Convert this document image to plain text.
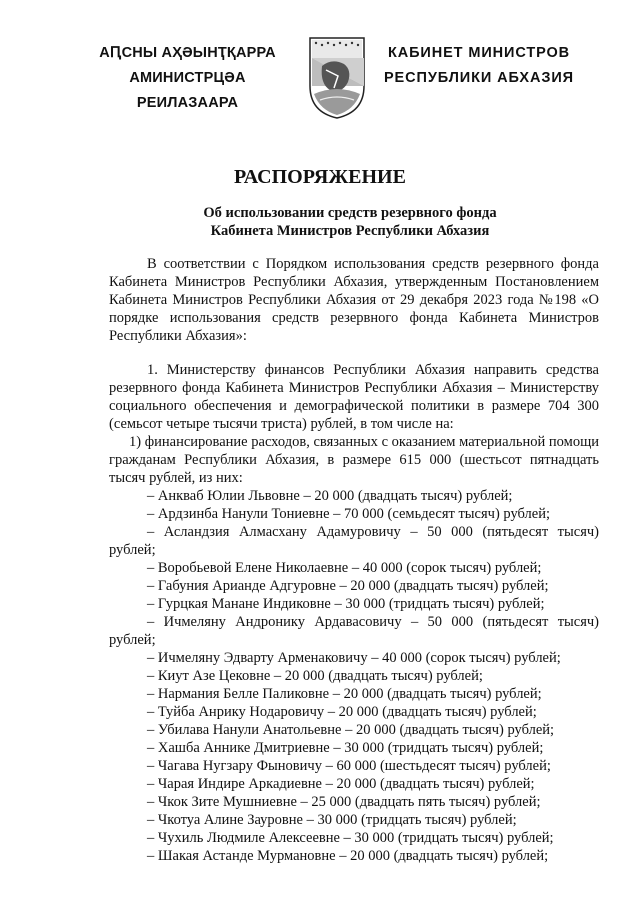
АԤСНЫ АҲӘЫНҬҚАРРА
АМИНИСТРЦӘА РЕИЛАЗААРА
КАБИНЕТ МИНИСТРОВ
РЕСПУБЛИКИ АБХАЗИЯ
РАСПОРЯЖЕНИЕ
Об использовании средств резервного фонда
Кабинета Министров Республики Абхазия

В соответствии с Порядком использования средств резервного фонда Кабинета Министров Республики Абхазия, утвержденным Постановлением Кабинета Министров Республики Абхазия от 29 декабря 2023 года №198 «О порядке использования средств резервного фонда Кабинета Министров Республики Абхазия»:

1. Министерству финансов Республики Абхазия направить средства резервного фонда Кабинета Министров Республики Абхазия – Министерству социального обеспечения и демографической политики в размере 704 300 (семьсот четыре тысячи триста) рублей, в том числе на:

1) финансирование расходов, связанных с оказанием материальной помощи гражданам Республики Абхазия, в размере 615 000 (шестьсот пятнадцать тысяч рублей, из них:

– Анкваб Юлии Львовне – 20 000 (двадцать тысяч) рублей;

– Ардзинба Нанули Тониевне – 70 000 (семьдесят тысяч) рублей;

– Асландзия Алмасхану Адамуровичу – 50 000 (пятьдесят тысяч) рублей;

– Воробьевой Елене Николаевне – 40 000 (сорок тысяч) рублей;

– Габуния Арианде Адгуровне – 20 000 (двадцать тысяч) рублей;

– Гурцкая Манане Индиковне – 30 000 (тридцать тысяч) рублей;

– Ичмеляну Андронику Ардавасовичу – 50 000 (пятьдесят тысяч) рублей;

– Ичмеляну Эдварту Арменаковичу – 40 000 (сорок тысяч) рублей;

– Киут Азе Цековне – 20 000 (двадцать тысяч) рублей;

– Нармания Белле Паликовне – 20 000 (двадцать тысяч) рублей;

– Туйба Анрику Нодаровичу – 20 000 (двадцать тысяч) рублей;

– Убилава Нанули Анатольевне – 20 000 (двадцать тысяч) рублей;

– Хашба Аннике Дмитриевне – 30 000 (тридцать тысяч) рублей;

– Чагава Нугзару Фыновичу – 60 000 (шестьдесят тысяч) рублей;

– Чарая Индире Аркадиевне – 20 000 (двадцать тысяч) рублей;

– Чкок Зите Мушниевне – 25 000 (двадцать пять тысяч) рублей;

– Чкотуа Алине Зауровне – 30 000 (тридцать тысяч) рублей;

– Чухиль Людмиле Алексеевне – 30 000 (тридцать тысяч) рублей;

– Шакая Астанде Мурмановне – 20 000 (двадцать тысяч) рублей;
